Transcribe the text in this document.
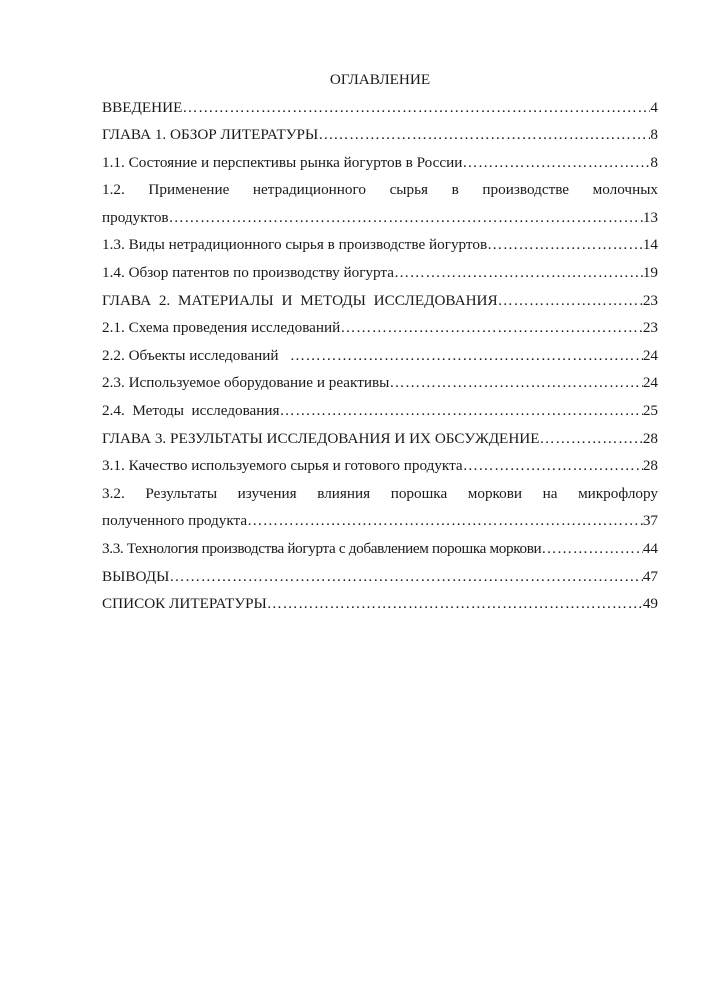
ОГЛАВЛЕНИЕ
ВВЕДЕНИЕ ……………………………………………………………………………………………………………………………………………………	4
ГЛАВА 1. ОБЗОР ЛИТЕРАТУРЫ… ……………………………………………………………………………………………………………………………………………………	8
1.1. Состояние и перспективы рынка йогуртов в России ……………………………………………………………………………………………………………………………………………………	8
1.2. Применение нетрадиционного сырья в производстве молочных
продуктов ……………………………………………………………………………………………………………………………………………………	13
1.3. Виды нетрадиционного сырья в производстве йогуртов ……………………………………………………………………………………………………………………………………………………	14
1.4. Обзор патентов по производству йогурта ……………………………………………………………………………………………………………………………………………………	19
ГЛАВА 2. МАТЕРИАЛЫ И МЕТОДЫ ИССЛЕДОВАНИЯ ……………………………………………………………………………………………………………………………………………………	23
2.1. Схема проведения исследований ……………………………………………………………………………………………………………………………………………………	23
2.2. Объекты исследований ……………………………………………………………………………………………………………………………………………………	24
2.3. Используемое оборудование и реактивы ……………………………………………………………………………………………………………………………………………………	24
2.4.  Методы  исследования ……………………………………………………………………………………………………………………………………………………	25
ГЛАВА 3. РЕЗУЛЬТАТЫ ИССЛЕДОВАНИЯ И ИХ ОБСУЖДЕНИЕ ……………………………………………………………………………………………………………………………………………………	28
3.1. Качество используемого сырья и готового продукта ……………………………………………………………………………………………………………………………………………………	28
3.2. Результаты изучения влияния порошка моркови на микрофлору
полученного продукта ……………………………………………………………………………………………………………………………………………………	37
3.3. Технология производства йогурта с добавлением порошка моркови ……………………………………………………………………………………………………………………………………………………	44
ВЫВОДЫ ……………………………………………………………………………………………………………………………………………………	47
СПИСОК ЛИТЕРАТУРЫ ……………………………………………………………………………………………………………………………………………………	49
